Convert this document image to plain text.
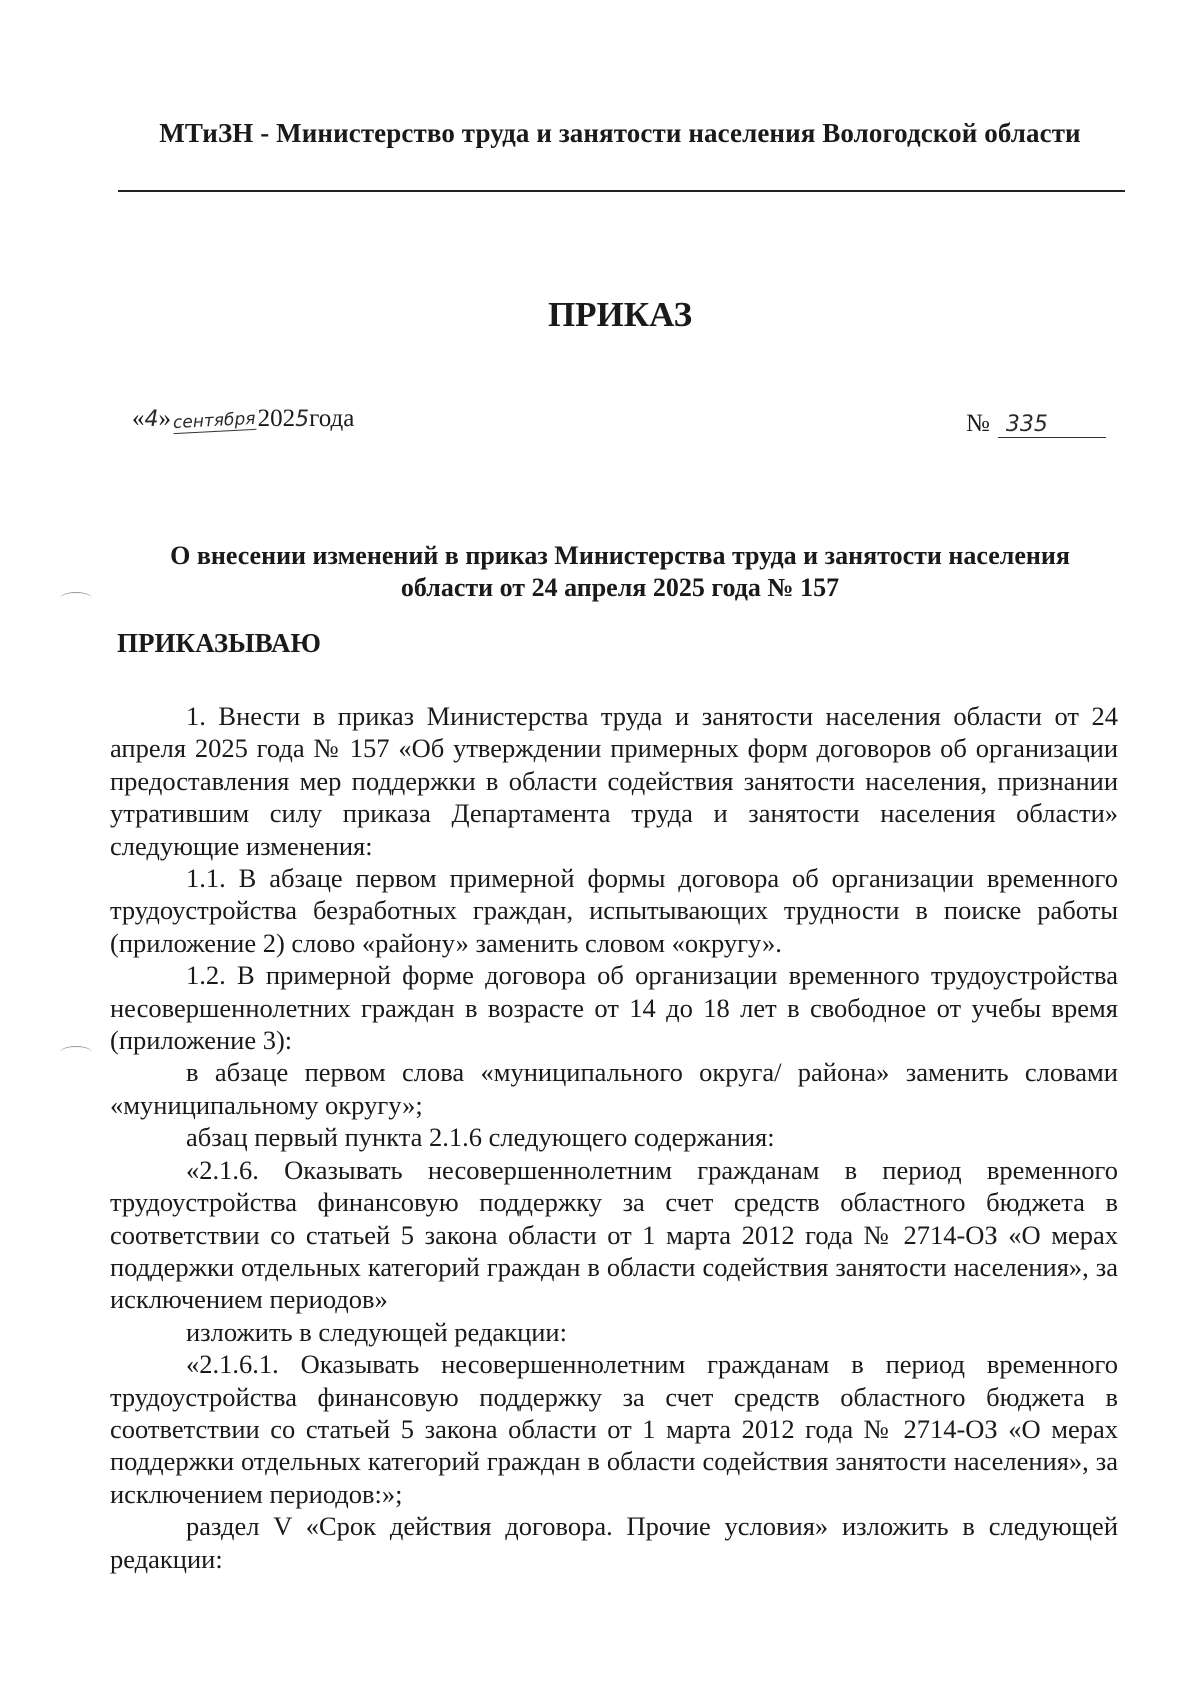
МТиЗН - Министерство труда и занятости населения Вологодской области
ПРИКАЗ
«4»сентября2025года	№ 335
О внесении изменений в приказ Министерства труда и занятости населения
области от 24 апреля 2025 года № 157
ПРИКАЗЫВАЮ

1. Внести в приказ Министерства труда и занятости населения области от 24 апреля 2025 года № 157 «Об утверждении примерных форм договоров об организации предоставления мер поддержки в области содействия занятости населения, признании утратившим силу приказа Департамента труда и занятости населения области» следующие изменения:

1.1. В абзаце первом примерной формы договора об организации временного трудоустройства безработных граждан, испытывающих трудности в поиске работы (приложение 2) слово «району» заменить словом «округу».

1.2. В примерной форме договора об организации временного трудоустройства несовершеннолетних граждан в возрасте от 14 до 18 лет в свободное от учебы время (приложение 3):

в абзаце первом слова «муниципального округа/ района» заменить словами «муниципальному округу»;

абзац первый пункта 2.1.6 следующего содержания:

«2.1.6. Оказывать несовершеннолетним гражданам в период временного трудоустройства финансовую поддержку за счет средств областного бюджета в соответствии со статьей 5 закона области от 1 марта 2012 года № 2714-ОЗ «О мерах поддержки отдельных категорий граждан в области содействия занятости населения», за исключением периодов»

изложить в следующей редакции:

«2.1.6.1. Оказывать несовершеннолетним гражданам в период временного трудоустройства финансовую поддержку за счет средств областного бюджета в соответствии со статьей 5 закона области от 1 марта 2012 года № 2714-ОЗ «О мерах поддержки отдельных категорий граждан в области содействия занятости населения», за исключением периодов:»;

раздел V «Срок действия договора. Прочие условия» изложить в следующей редакции:
